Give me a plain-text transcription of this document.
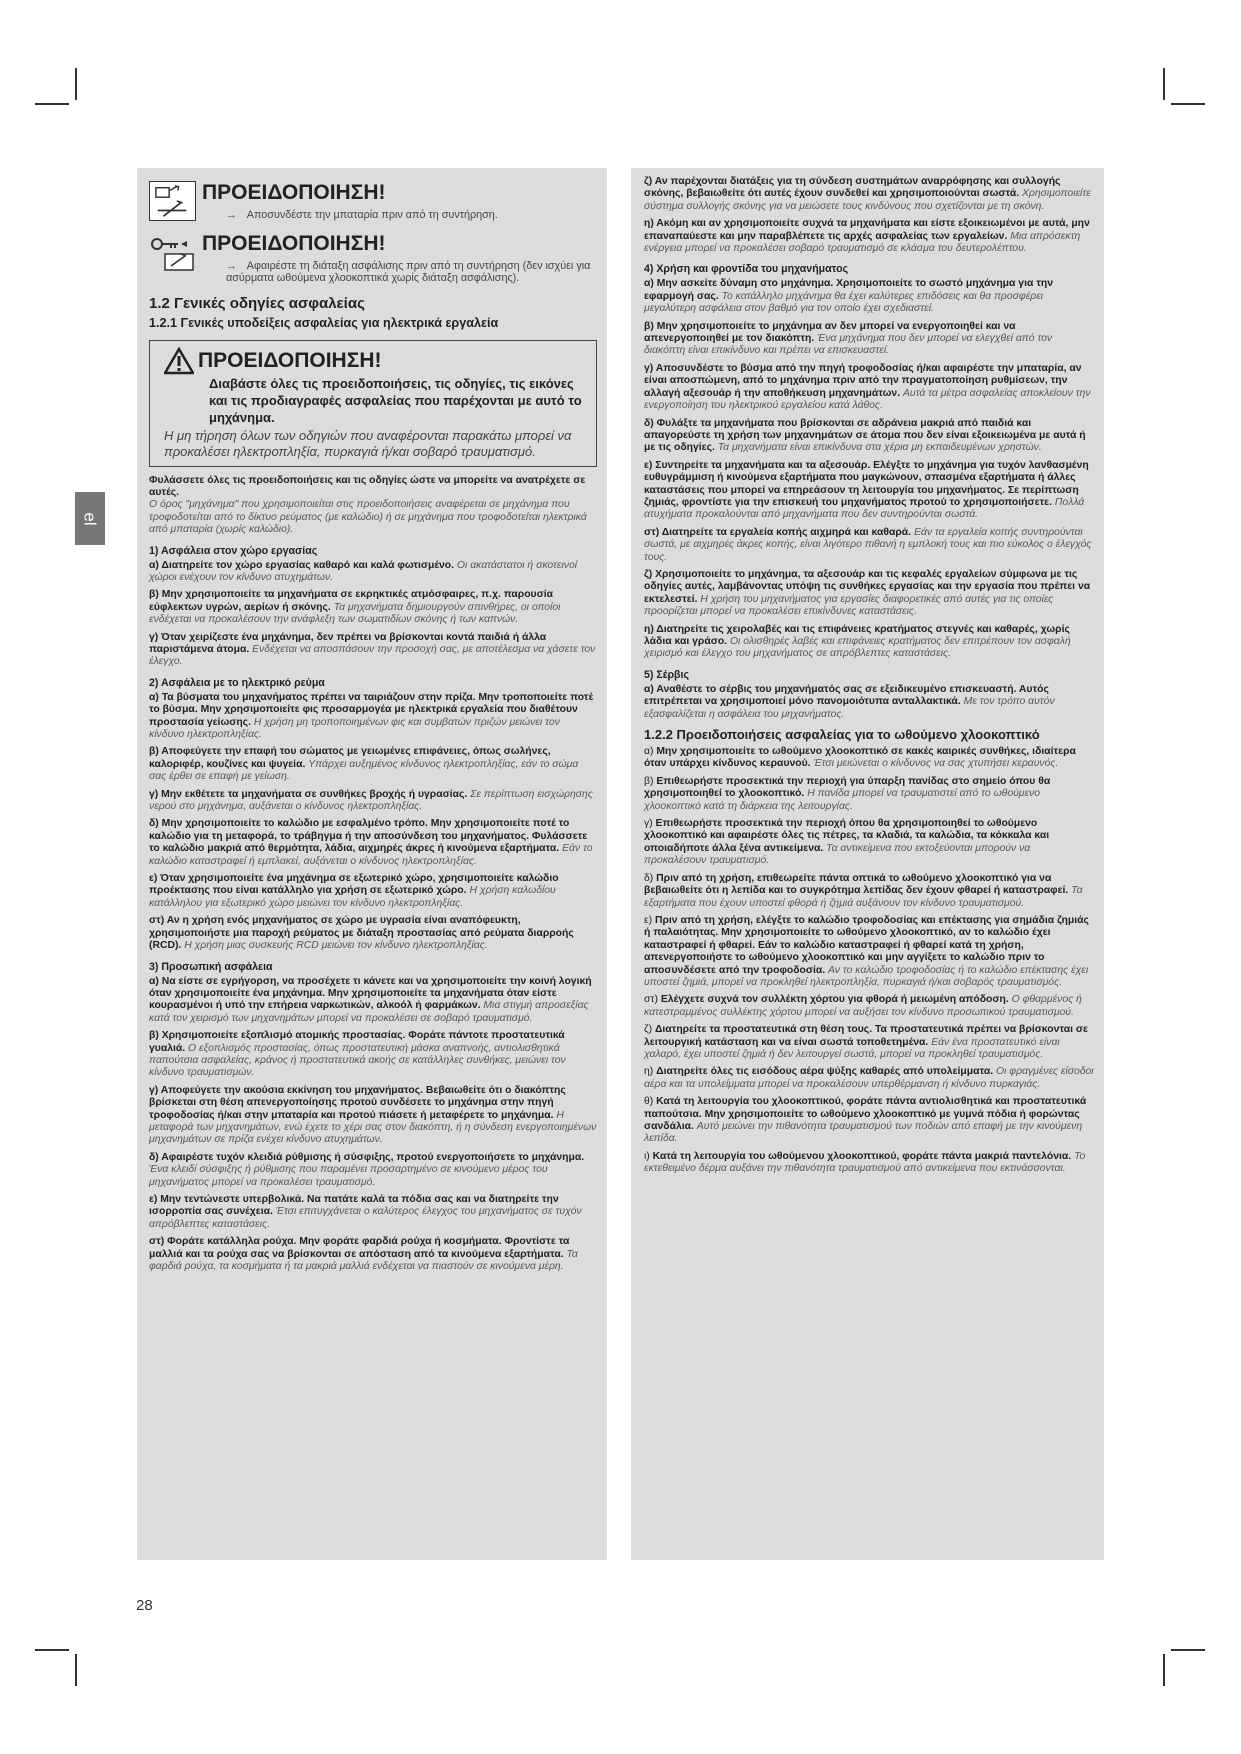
el
ΠΡΟΕΙΔΟΠΟΙΗΣΗ!
→ Αποσυνδέστε την μπαταρία πριν από τη συντήρηση.
ΠΡΟΕΙΔΟΠΟΙΗΣΗ!
→ Αφαιρέστε τη διάταξη ασφάλισης πριν από τη συντήρηση (δεν ισχύει για ασύρματα ωθούμενα χλοοκοπτικά χωρίς διάταξη ασφάλισης).
1.2 Γενικές οδηγίες ασφαλείας
1.2.1 Γενικές υποδείξεις ασφαλείας για ηλεκτρικά εργαλεία
ΠΡΟΕΙΔΟΠΟΙΗΣΗ!
Διαβάστε όλες τις προειδοποιήσεις, τις οδηγίες, τις εικόνες και τις προδιαγραφές ασφαλείας που παρέχονται με αυτό το μηχάνημα.
Η μη τήρηση όλων των οδηγιών που αναφέρονται παρακάτω μπορεί να προκαλέσει ηλεκτροπληξία, πυρκαγιά ή/και σοβαρό τραυματισμό.

Φυλάσσετε όλες τις προειδοποιήσεις και τις οδηγίες ώστε να μπορείτε να ανατρέχετε σε αυτές.
Ο όρος "μηχάνημα" που χρησιμοποιείται στις προειδοποιήσεις αναφέρεται σε μηχάνημα που τροφοδοτείται από το δίκτυο ρεύματος (με καλώδιο) ή σε μηχάνημα που τροφοδοτείται ηλεκτρικά από μπαταρία (χωρίς καλώδιο).

1) Ασφάλεια στον χώρο εργασίας

α) Διατηρείτε τον χώρο εργασίας καθαρό και καλά φωτισμένο. Οι ακατάστατοι ή σκοτεινοί χώροι ενέχουν τον κίνδυνο ατυχημάτων.

β) Μην χρησιμοποιείτε τα μηχανήματα σε εκρηκτικές ατμόσφαιρες, π.χ. παρουσία εύφλεκτων υγρών, αερίων ή σκόνης. Τα μηχανήματα δημιουργούν σπινθήρες, οι οποίοι ενδέχεται να προκαλέσουν την ανάφλεξη των σωματιδίων σκόνης ή των καπνών.

γ) Όταν χειρίζεστε ένα μηχάνημα, δεν πρέπει να βρίσκονται κοντά παιδιά ή άλλα παριστάμενα άτομα. Ενδέχεται να αποσπάσουν την προσοχή σας, με αποτέλεσμα να χάσετε τον έλεγχο.

2) Ασφάλεια με το ηλεκτρικό ρεύμα

α) Τα βύσματα του μηχανήματος πρέπει να ταιριάζουν στην πρίζα. Μην τροποποιείτε ποτέ το βύσμα. Μην χρησιμοποιείτε φις προσαρμογέα με ηλεκτρικά εργαλεία που διαθέτουν προστασία γείωσης. Η χρήση μη τροποποιημένων φις και συμβατών πριζών μειώνει τον κίνδυνο ηλεκτροπληξίας.

β) Αποφεύγετε την επαφή του σώματος με γειωμένες επιφάνειες, όπως σωλήνες, καλοριφέρ, κουζίνες και ψυγεία. Υπάρχει αυξημένος κίνδυνος ηλεκτροπληξίας, εάν το σώμα σας έρθει σε επαφή με γείωση.

γ) Μην εκθέτετε τα μηχανήματα σε συνθήκες βροχής ή υγρασίας. Σε περίπτωση εισχώρησης νερού στο μηχάνημα, αυξάνεται ο κίνδυνος ηλεκτροπληξίας.

δ) Μην χρησιμοποιείτε το καλώδιο με εσφαλμένο τρόπο. Μην χρησιμοποιείτε ποτέ το καλώδιο για τη μεταφορά, το τράβηγμα ή την αποσύνδεση του μηχανήματος. Φυλάσσετε το καλώδιο μακριά από θερμότητα, λάδια, αιχμηρές άκρες ή κινούμενα εξαρτήματα. Εάν το καλώδιο καταστραφεί ή εμπλακεί, αυξάνεται ο κίνδυνος ηλεκτροπληξίας.

ε) Όταν χρησιμοποιείτε ένα μηχάνημα σε εξωτερικό χώρο, χρησιμοποιείτε καλώδιο προέκτασης που είναι κατάλληλο για χρήση σε εξωτερικό χώρο. Η χρήση καλωδίου κατάλληλου για εξωτερικό χώρο μειώνει τον κίνδυνο ηλεκτροπληξίας.

στ) Αν η χρήση ενός μηχανήματος σε χώρο με υγρασία είναι αναπόφευκτη, χρησιμοποιήστε μια παροχή ρεύματος με διάταξη προστασίας από ρεύματα διαρροής (RCD). Η χρήση μιας συσκευής RCD μειώνει τον κίνδυνο ηλεκτροπληξίας.

3) Προσωπική ασφάλεια

α) Να είστε σε εγρήγορση, να προσέχετε τι κάνετε και να χρησιμοποιείτε την κοινή λογική όταν χρησιμοποιείτε ένα μηχάνημα. Μην χρησιμοποιείτε τα μηχανήματα όταν είστε κουρασμένοι ή υπό την επήρεια ναρκωτικών, αλκοόλ ή φαρμάκων. Μια στιγμή απροσεξίας κατά τον χειρισμό των μηχανημάτων μπορεί να προκαλέσει σε σοβαρό τραυματισμό.

β) Χρησιμοποιείτε εξοπλισμό ατομικής προστασίας. Φοράτε πάντοτε προστατευτικά γυαλιά. Ο εξοπλισμός προστασίας, όπως προστατευτική μάσκα αναπνοής, αντιολισθητικά παπούτσια ασφαλείας, κράνος ή προστατευτικά ακοής σε κατάλληλες συνθήκες, μειώνει τον κίνδυνο τραυματισμών.

γ) Αποφεύγετε την ακούσια εκκίνηση του μηχανήματος. Βεβαιωθείτε ότι ο διακόπτης βρίσκεται στη θέση απενεργοποίησης προτού συνδέσετε το μηχάνημα στην πηγή τροφοδοσίας ή/και στην μπαταρία και προτού πιάσετε ή μεταφέρετε το μηχάνημα. Η μεταφορά των μηχανημάτων, ενώ έχετε το χέρι σας στον διακόπτη, ή η σύνδεση ενεργοποιημένων μηχανημάτων σε πρίζα ενέχει κίνδυνο ατυχημάτων.

δ) Αφαιρέστε τυχόν κλειδιά ρύθμισης ή σύσφιξης, προτού ενεργοποιήσετε το μηχάνημα. Ένα κλειδί σύσφιξης ή ρύθμισης που παραμένει προσαρτημένο σε κινούμενο μέρος του μηχανήματος μπορεί να προκαλέσει τραυματισμό.

ε) Μην τεντώνεστε υπερβολικά. Να πατάτε καλά τα πόδια σας και να διατηρείτε την ισορροπία σας συνέχεια. Έτσι επιτυγχάνεται ο καλύτερος έλεγχος του μηχανήματος σε τυχόν απρόβλεπτες καταστάσεις.

στ) Φοράτε κατάλληλα ρούχα. Μην φοράτε φαρδιά ρούχα ή κοσμήματα. Φροντίστε τα μαλλιά και τα ρούχα σας να βρίσκονται σε απόσταση από τα κινούμενα εξαρτήματα. Τα φαρδιά ρούχα, τα κοσμήματα ή τα μακριά μαλλιά ενδέχεται να πιαστούν σε κινούμενα μέρη.

ζ) Αν παρέχονται διατάξεις για τη σύνδεση συστημάτων αναρρόφησης και συλλογής σκόνης, βεβαιωθείτε ότι αυτές έχουν συνδεθεί και χρησιμοποιούνται σωστά. Χρησιμοποιείτε σύστημα συλλογής σκόνης για να μειώσετε τους κινδύνους που σχετίζονται με τη σκόνη.

η) Ακόμη και αν χρησιμοποιείτε συχνά τα μηχανήματα και είστε εξοικειωμένοι με αυτά, μην επαναπαύεστε και μην παραβλέπετε τις αρχές ασφαλείας των εργαλείων. Μια απρόσεκτη ενέργεια μπορεί να προκαλέσει σοβαρό τραυματισμό σε κλάσμα του δευτερολέπτου.

4) Χρήση και φροντίδα του μηχανήματος

α) Μην ασκείτε δύναμη στο μηχάνημα. Χρησιμοποιείτε το σωστό μηχάνημα για την εφαρμογή σας. Το κατάλληλο μηχάνημα θα έχει καλύτερες επιδόσεις και θα προσφέρει μεγαλύτερη ασφάλεια στον βαθμό για τον οποίο έχει σχεδιαστεί.

β) Μην χρησιμοποιείτε το μηχάνημα αν δεν μπορεί να ενεργοποιηθεί και να απενεργοποιηθεί με τον διακόπτη. Ένα μηχάνημα που δεν μπορεί να ελεγχθεί από τον διακόπτη είναι επικίνδυνο και πρέπει να επισκευαστεί.

γ) Αποσυνδέστε το βύσμα από την πηγή τροφοδοσίας ή/και αφαιρέστε την μπαταρία, αν είναι αποσπώμενη, από το μηχάνημα πριν από την πραγματοποίηση ρυθμίσεων, την αλλαγή αξεσουάρ ή την αποθήκευση μηχανημάτων. Αυτά τα μέτρα ασφαλείας αποκλείουν την ενεργοποίηση του ηλεκτρικού εργαλείου κατά λάθος.

δ) Φυλάξτε τα μηχανήματα που βρίσκονται σε αδράνεια μακριά από παιδιά και απαγορεύστε τη χρήση των μηχανημάτων σε άτομα που δεν είναι εξοικειωμένα με αυτά ή με τις οδηγίες. Τα μηχανήματα είναι επικίνδυνα στα χέρια μη εκπαιδευμένων χρηστών.

ε) Συντηρείτε τα μηχανήματα και τα αξεσουάρ. Ελέγξτε το μηχάνημα για τυχόν λανθασμένη ευθυγράμμιση ή κινούμενα εξαρτήματα που μαγκώνουν, σπασμένα εξαρτήματα ή άλλες καταστάσεις που μπορεί να επηρεάσουν τη λειτουργία του μηχανήματος. Σε περίπτωση ζημιάς, φροντίστε για την επισκευή του μηχανήματος προτού το χρησιμοποιήσετε. Πολλά ατυχήματα προκαλούνται από μηχανήματα που δεν συντηρούνται σωστά.

στ) Διατηρείτε τα εργαλεία κοπής αιχμηρά και καθαρά. Εάν τα εργαλεία κοπής συντηρούνται σωστά, με αιχμηρές άκρες κοπής, είναι λιγότερο πιθανή η εμπλοκή τους και πιο εύκολος ο έλεγχός τους.

ζ) Χρησιμοποιείτε το μηχάνημα, τα αξεσουάρ και τις κεφαλές εργαλείων σύμφωνα με τις οδηγίες αυτές, λαμβάνοντας υπόψη τις συνθήκες εργασίας και την εργασία που πρέπει να εκτελεστεί. Η χρήση του μηχανήματος για εργασίες διαφορετικές από αυτές για τις οποίες προορίζεται μπορεί να προκαλέσει επικίνδυνες καταστάσεις.

η) Διατηρείτε τις χειρολαβές και τις επιφάνειες κρατήματος στεγνές και καθαρές, χωρίς λάδια και γράσο. Οι ολισθηρές λαβές και επιφάνειες κρατήματος δεν επιτρέπουν τον ασφαλή χειρισμό και έλεγχο του μηχανήματος σε απρόβλεπτες καταστάσεις.

5) Σέρβις

α) Αναθέστε το σέρβις του μηχανήματός σας σε εξειδικευμένο επισκευαστή. Αυτός επιτρέπεται να χρησιμοποιεί μόνο πανομοιότυπα ανταλλακτικά. Με τον τρόπο αυτόν εξασφαλίζεται η ασφάλεια του μηχανήματος.

1.2.2 Προειδοποιήσεις ασφαλείας για το ωθούμενο χλοοκοπτικό

α) Μην χρησιμοποιείτε το ωθούμενο χλοοκοπτικό σε κακές καιρικές συνθήκες, ιδιαίτερα όταν υπάρχει κίνδυνος κεραυνού. Έτσι μειώνεται ο κίνδυνος να σας χτυπήσει κεραυνός.

β) Επιθεωρήστε προσεκτικά την περιοχή για ύπαρξη πανίδας στο σημείο όπου θα χρησιμοποιηθεί το χλοοκοπτικό. Η πανίδα μπορεί να τραυματιστεί από το ωθούμενο χλοοκοπτικό κατά τη διάρκεια της λειτουργίας.

γ) Επιθεωρήστε προσεκτικά την περιοχή όπου θα χρησιμοποιηθεί το ωθούμενο χλοοκοπτικό και αφαιρέστε όλες τις πέτρες, τα κλαδιά, τα καλώδια, τα κόκκαλα και οποιαδήποτε άλλα ξένα αντικείμενα. Τα αντικείμενα που εκτοξεύονται μπορούν να προκαλέσουν τραυματισμό.

δ) Πριν από τη χρήση, επιθεωρείτε πάντα οπτικά το ωθούμενο χλοοκοπτικό για να βεβαιωθείτε ότι η λεπίδα και το συγκρότημα λεπίδας δεν έχουν φθαρεί ή καταστραφεί. Τα εξαρτήματα που έχουν υποστεί φθορά ή ζημιά αυξάνουν τον κίνδυνο τραυματισμού.

ε) Πριν από τη χρήση, ελέγξτε το καλώδιο τροφοδοσίας και επέκτασης για σημάδια ζημιάς ή παλαιότητας. Μην χρησιμοποιείτε το ωθούμενο χλοοκοπτικό, αν το καλώδιο έχει καταστραφεί ή φθαρεί. Εάν το καλώδιο καταστραφεί ή φθαρεί κατά τη χρήση, απενεργοποιήστε το ωθούμενο χλοοκοπτικό και μην αγγίξετε το καλώδιο πριν το αποσυνδέσετε από την τροφοδοσία. Αν το καλώδιο τροφοδοσίας ή το καλώδιο επέκτασης έχει υποστεί ζημιά, μπορεί να προκληθεί ηλεκτροπληξία, πυρκαγιά ή/και σοβαρός τραυματισμός.

στ) Ελέγχετε συχνά τον συλλέκτη χόρτου για φθορά ή μειωμένη απόδοση. Ο φθαρμένος ή κατεστραμμένος συλλέκτης χόρτου μπορεί να αυξήσει τον κίνδυνο προσωπικού τραυματισμού.

ζ) Διατηρείτε τα προστατευτικά στη θέση τους. Τα προστατευτικά πρέπει να βρίσκονται σε λειτουργική κατάσταση και να είναι σωστά τοποθετημένα. Εάν ένα προστατευτικό είναι χαλαρό, έχει υποστεί ζημιά ή δεν λειτουργεί σωστά, μπορεί να προκληθεί τραυματισμός.

η) Διατηρείτε όλες τις εισόδους αέρα ψύξης καθαρές από υπολείμματα. Οι φραγμένες είσοδοι αέρα και τα υπολείμματα μπορεί να προκαλέσουν υπερθέρμανση ή κίνδυνο πυρκαγιάς.

θ) Κατά τη λειτουργία του χλοοκοπτικού, φοράτε πάντα αντιολισθητικά και προστατευτικά παπούτσια. Μην χρησιμοποιείτε το ωθούμενο χλοοκοπτικό με γυμνά πόδια ή φορώντας σανδάλια. Αυτό μειώνει την πιθανότητα τραυματισμού των ποδιών από επαφή με την κινούμενη λεπίδα.

ι) Κατά τη λειτουργία του ωθούμενου χλοοκοπτικού, φοράτε πάντα μακριά παντελόνια. Το εκτεθειμένο δέρμα αυξάνει την πιθανότητα τραυματισμού από αντικείμενα που εκτινάσσονται.

28
